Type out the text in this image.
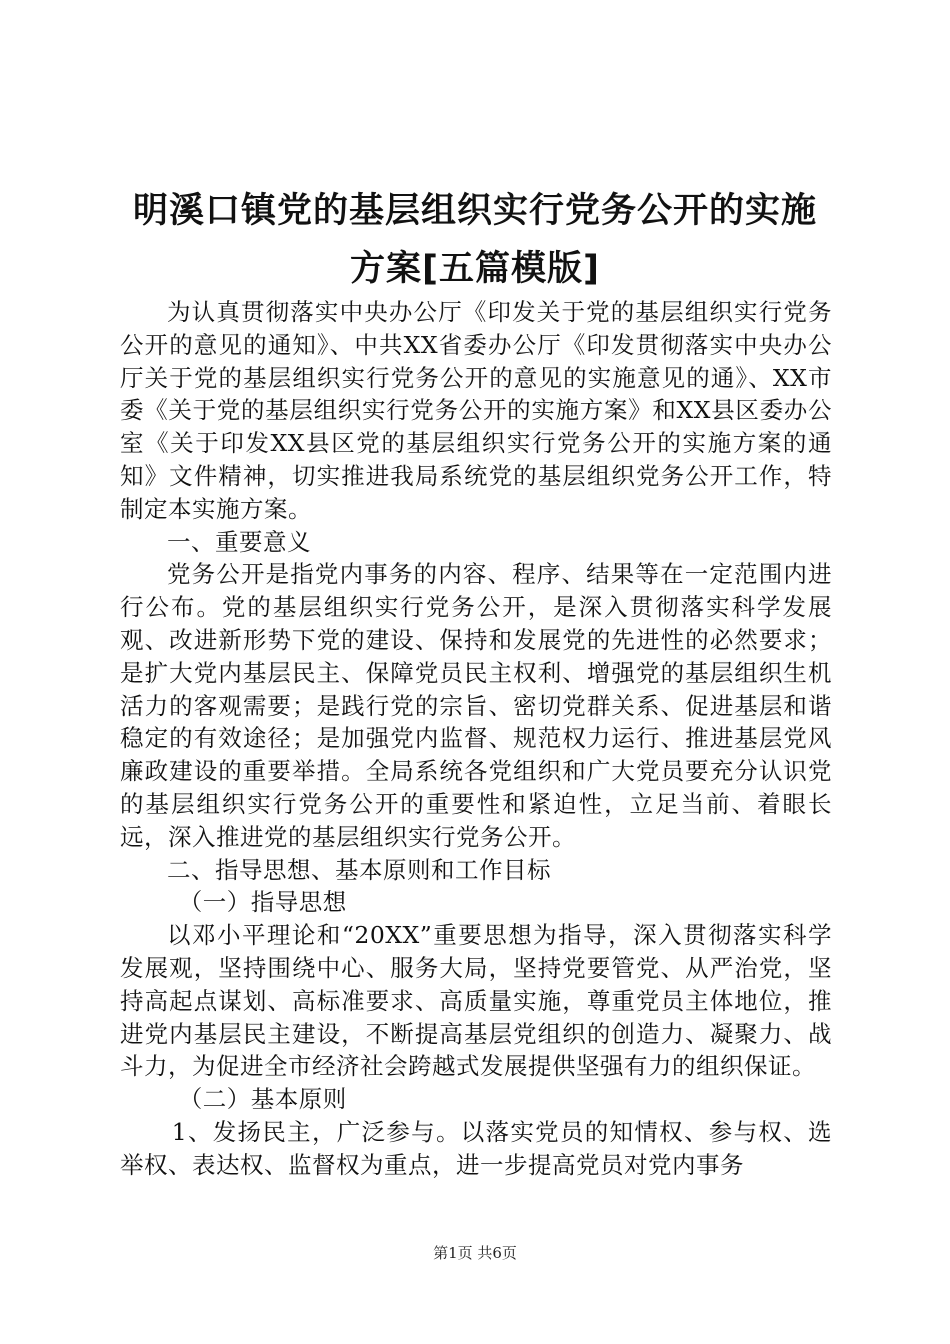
明溪口镇党的基层组织实行党务公开的实施方案[五篇模版]

为认真贯彻落实中央办公厅《印发关于党的基层组织实行党务公开的意见的通知》、中共XX省委办公厅《印发贯彻落实中央办公厅关于党的基层组织实行党务公开的意见的实施意见的通》、XX市委《关于党的基层组织实行党务公开的实施方案》和XX县区委办公室《关于印发XX县区党的基层组织实行党务公开的实施方案的通知》文件精神，切实推进我局系统党的基层组织党务公开工作，特制定本实施方案。

一、重要意义

党务公开是指党内事务的内容、程序、结果等在一定范围内进行公布。党的基层组织实行党务公开，是深入贯彻落实科学发展观、改进新形势下党的建设、保持和发展党的先进性的必然要求；是扩大党内基层民主、保障党员民主权利、增强党的基层组织生机活力的客观需要；是践行党的宗旨、密切党群关系、促进基层和谐稳定的有效途径；是加强党内监督、规范权力运行、推进基层党风廉政建设的重要举措。全局系统各党组织和广大党员要充分认识党的基层组织实行党务公开的重要性和紧迫性，立足当前、着眼长远，深入推进党的基层组织实行党务公开。

二、指导思想、基本原则和工作目标

（一）指导思想

以邓小平理论和“20XX”重要思想为指导，深入贯彻落实科学发展观，坚持围绕中心、服务大局，坚持党要管党、从严治党，坚持高起点谋划、高标准要求、高质量实施，尊重党员主体地位，推进党内基层民主建设，不断提高基层党组织的创造力、凝聚力、战斗力，为促进全市经济社会跨越式发展提供坚强有力的组织保证。

（二）基本原则

1、发扬民主，广泛参与。以落实党员的知情权、参与权、选举权、表达权、监督权为重点，进一步提高党员对党内事务

第1页 共6页
